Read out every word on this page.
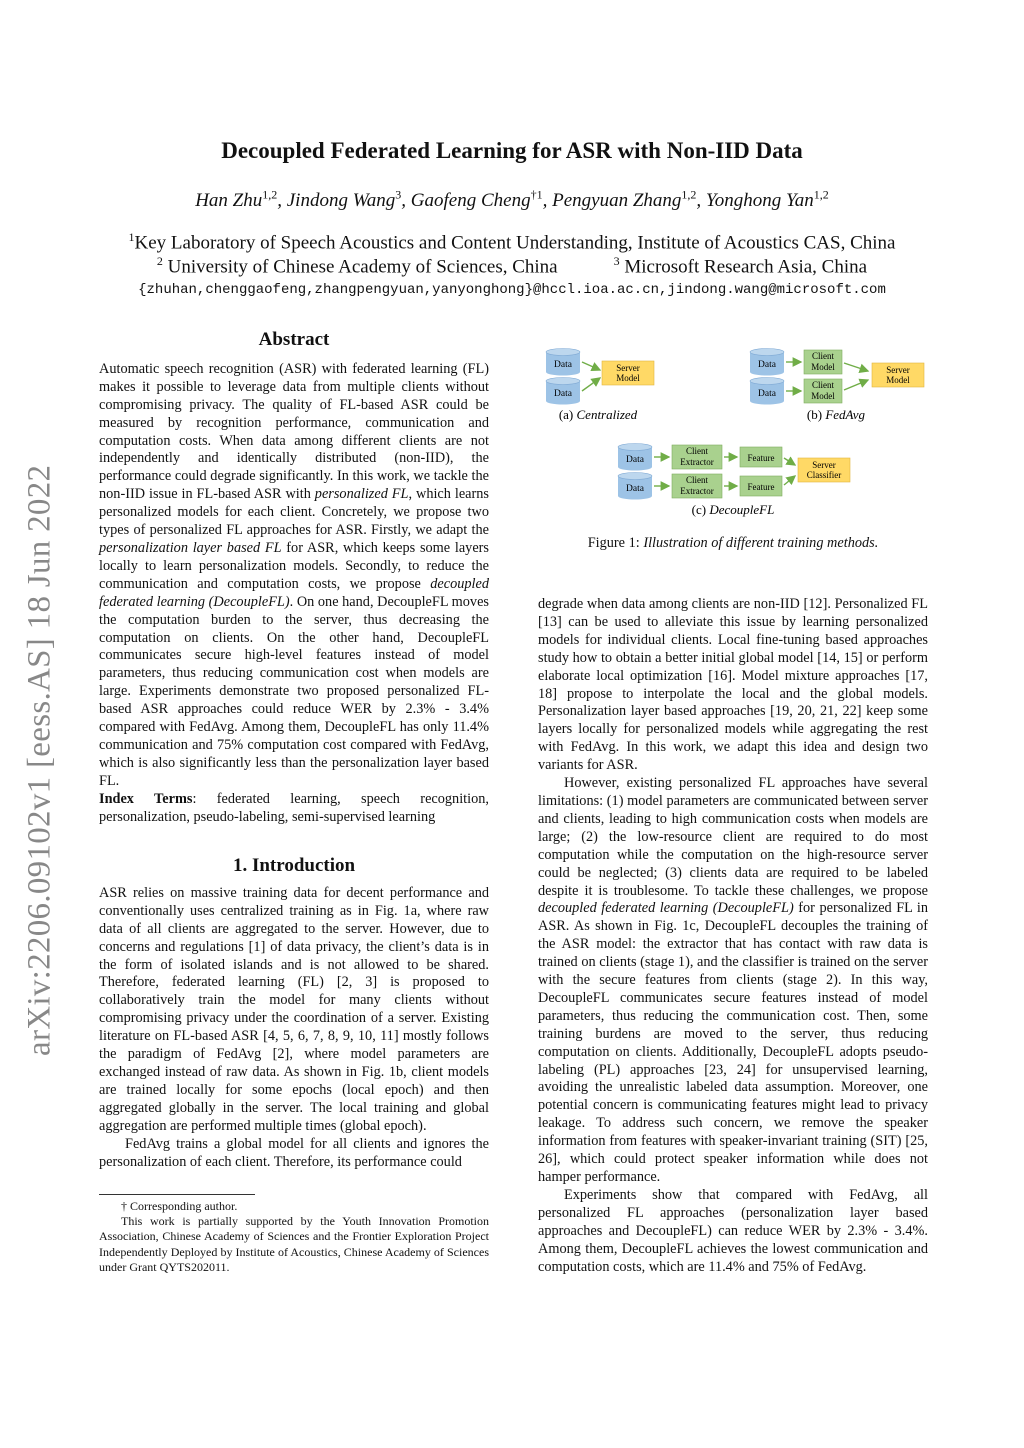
arXiv:2206.09102v1 [eess.AS] 18 Jun 2022
Decoupled Federated Learning for ASR with Non-IID Data
Han Zhu$^{1,2}$, Jindong Wang$^3$, Gaofeng Cheng$^{\dagger 1}$, Pengyuan Zhang$^{1,2}$, Yonghong Yan$^{1,2}$
$^1$Key Laboratory of Speech Acoustics and Content Understanding, Institute of Acoustics CAS, China
$^2$ University of Chinese Academy of Sciences, China	$^3$ Microsoft Research Asia, China
{zhuhan,chenggaofeng,zhangpengyuan,yanyonghong}@hccl.ioa.ac.cn,jindong.wang@microsoft.com
Abstract

Automatic speech recognition (ASR) with federated learning (FL) makes it possible to leverage data from multiple clients without compromising privacy. The quality of FL-based ASR could be measured by recognition performance, communication and computation costs. When data among different clients are not independently and identically distributed (non-IID), the performance could degrade significantly. In this work, we tackle the non-IID issue in FL-based ASR with personalized FL, which learns personalized models for each client. Concretely, we propose two types of personalized FL approaches for ASR. Firstly, we adapt the personalization layer based FL for ASR, which keeps some layers locally to learn personalization models. Secondly, to reduce the communication and computation costs, we propose decoupled federated learning (DecoupleFL). On one hand, DecoupleFL moves the computation burden to the server, thus decreasing the computation on clients. On the other hand, DecoupleFL communicates secure high-level features instead of model parameters, thus reducing communication cost when models are large. Experiments demonstrate two proposed personalized FL-based ASR approaches could reduce WER by 2.3% - 3.4% compared with FedAvg. Among them, DecoupleFL has only 11.4% communication and 75% computation cost compared with FedAvg, which is also significantly less than the personalization layer based FL.

Index Terms: federated learning, speech recognition, personalization, pseudo-labeling, semi-supervised learning

1. Introduction

ASR relies on massive training data for decent performance and conventionally uses centralized training as in Fig. 1a, where raw data of all clients are aggregated to the server. However, due to concerns and regulations [1] of data privacy, the client’s data is in the form of isolated islands and is not allowed to be shared. Therefore, federated learning (FL) [2, 3] is proposed to collaboratively train the model for many clients without compromising privacy under the coordination of a server. Existing literature on FL-based ASR [4, 5, 6, 7, 8, 9, 10, 11] mostly follows the paradigm of FedAvg [2], where model parameters are exchanged instead of raw data. As shown in Fig. 1b, client models are trained locally for some epochs (local epoch) and then aggregated globally in the server. The local training and global aggregation are performed multiple times (global epoch).

FedAvg trains a global model for all clients and ignores the personalization of each client. Therefore, its performance could

† Corresponding author.

This work is partially supported by the Youth Innovation Promotion Association, Chinese Academy of Sciences and the Frontier Exploration Project Independently Deployed by Institute of Acoustics, Chinese Academy of Sciences under Grant QYTS202011.

Data
Data
Server
Model
(a) Centralized
Data
Data
Client
Model
Client
Model
Server
Model
(b) FedAvg
Data
Data
Client
Extractor
Client
Extractor
Feature
Feature
Server
Classifier
(c) DecoupleFL
Figure 1: Illustration of different training methods.

degrade when data among clients are non-IID [12]. Personalized FL [13] can be used to alleviate this issue by learning personalized models for individual clients. Local fine-tuning based approaches study how to obtain a better initial global model [14, 15] or perform elaborate local optimization [16]. Model mixture approaches [17, 18] propose to interpolate the local and the global models. Personalization layer based approaches [19, 20, 21, 22] keep some layers locally for personalized models while aggregating the rest with FedAvg. In this work, we adapt this idea and design two variants for ASR.

However, existing personalized FL approaches have several limitations: (1) model parameters are communicated between server and clients, leading to high communication costs when models are large; (2) the low-resource client are required to do most computation while the computation on the high-resource server could be neglected; (3) clients data are required to be labeled despite it is troublesome. To tackle these challenges, we propose decoupled federated learning (DecoupleFL) for personalized FL in ASR. As shown in Fig. 1c, DecoupleFL decouples the training of the ASR model: the extractor that has contact with raw data is trained on clients (stage 1), and the classifier is trained on the server with the secure features from clients (stage 2). In this way, DecoupleFL communicates secure features instead of model parameters, thus reducing the communication cost. Then, some training burdens are moved to the server, thus reducing computation on clients. Additionally, DecoupleFL adopts pseudo-labeling (PL) approaches [23, 24] for unsupervised learning, avoiding the unrealistic labeled data assumption. Moreover, one potential concern is communicating features might lead to privacy leakage. To address such concern, we remove the speaker information from features with speaker-invariant training (SIT) [25, 26], which could protect speaker information while does not hamper performance.

Experiments show that compared with FedAvg, all personalized FL approaches (personalization layer based approaches and DecoupleFL) can reduce WER by 2.3% - 3.4%. Among them, DecoupleFL achieves the lowest communication and computation costs, which are 11.4% and 75% of FedAvg.
